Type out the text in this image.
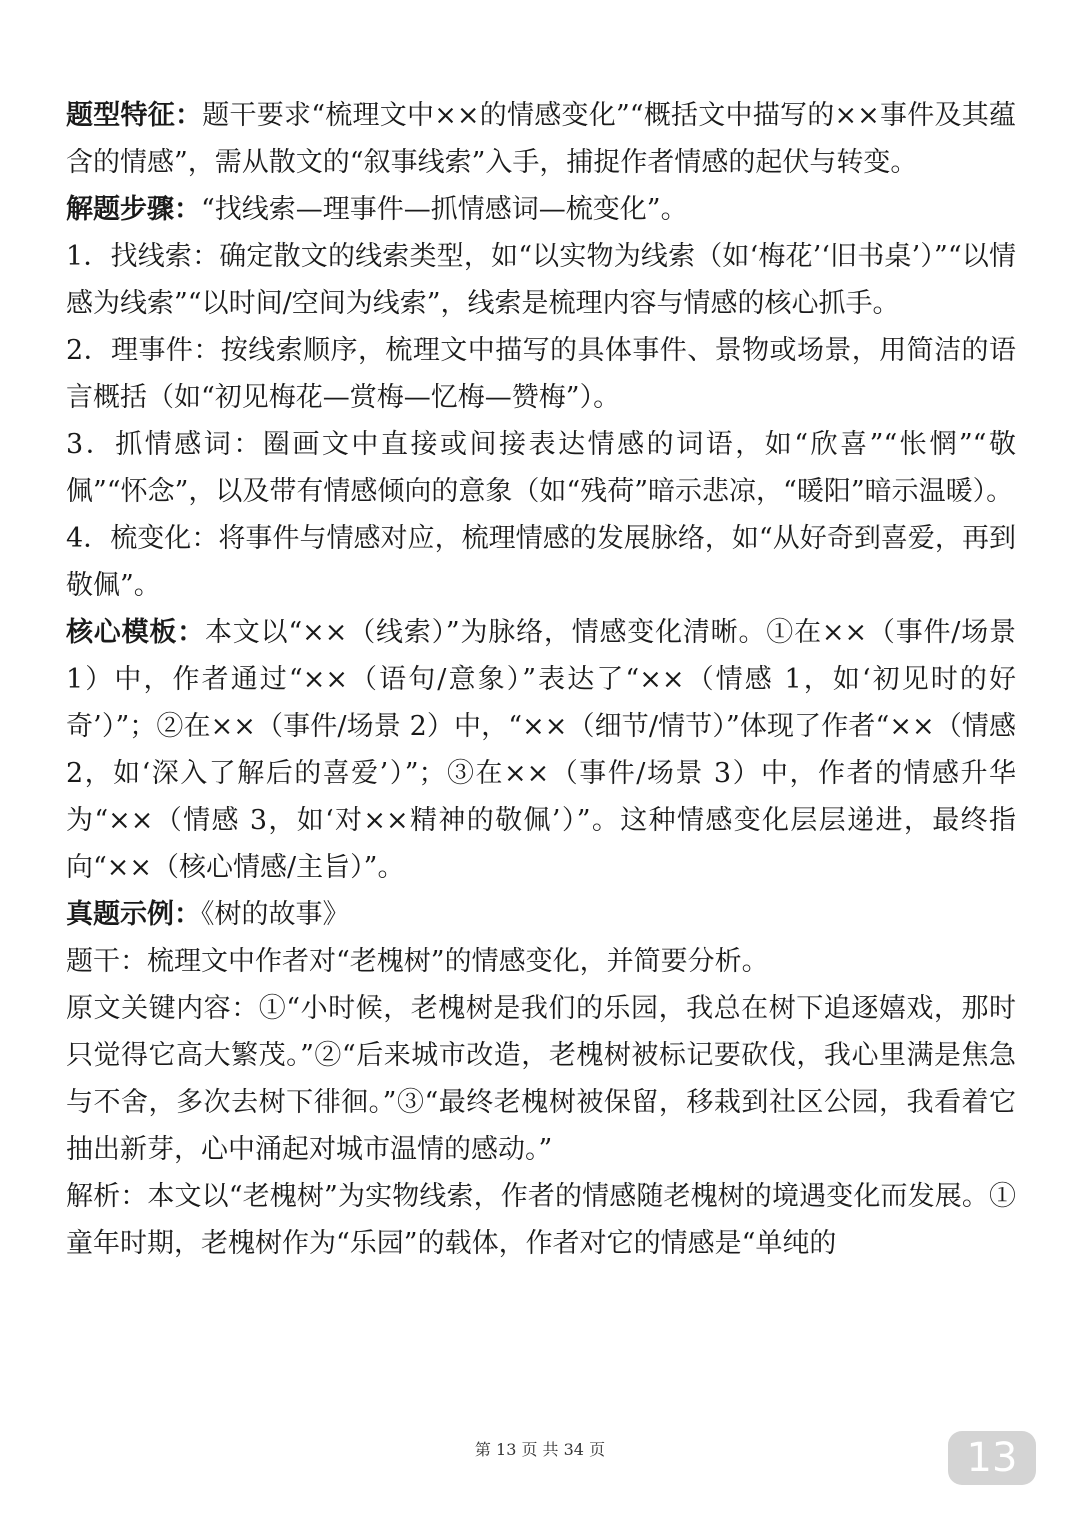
题型特征：题干要求“梳理文中××的情感变化”“概括文中描写的××事件及其蕴含的情感”，需从散文的“叙事线索”入手，捕捉作者情感的起伏与转变。

解题步骤：“找线索—理事件—抓情感词—梳变化”。

1．找线索：确定散文的线索类型，如“以实物为线索（如‘梅花’‘旧书桌’）”“以情感为线索”“以时间/空间为线索”，线索是梳理内容与情感的核心抓手。

2．理事件：按线索顺序，梳理文中描写的具体事件、景物或场景，用简洁的语言概括（如“初见梅花—赏梅—忆梅—赞梅”）。

3．抓情感词：圈画文中直接或间接表达情感的词语，如“欣喜”“怅惘”“敬佩”“怀念”，以及带有情感倾向的意象（如“残荷”暗示悲凉，“暖阳”暗示温暖）。

4．梳变化：将事件与情感对应，梳理情感的发展脉络，如“从好奇到喜爱，再到敬佩”。

核心模板：本文以“××（线索）”为脉络，情感变化清晰。①在××（事件/场景 1）中，作者通过“××（语句/意象）”表达了“××（情感 1，如‘初见时的好奇’）”；②在××（事件/场景 2）中，“××（细节/情节）”体现了作者“××（情感 2，如‘深入了解后的喜爱’）”；③在××（事件/场景 3）中，作者的情感升华为“××（情感 3，如‘对××精神的敬佩’）”。这种情感变化层层递进，最终指向“××（核心情感/主旨）”。

真题示例：《树的故事》

题干：梳理文中作者对“老槐树”的情感变化，并简要分析。

原文关键内容：①“小时候，老槐树是我们的乐园，我总在树下追逐嬉戏，那时只觉得它高大繁茂。”②“后来城市改造，老槐树被标记要砍伐，我心里满是焦急与不舍，多次去树下徘徊。”③“最终老槐树被保留，移栽到社区公园，我看着它抽出新芽，心中涌起对城市温情的感动。”

解析：本文以“老槐树”为实物线索，作者的情感随老槐树的境遇变化而发展。①童年时期，老槐树作为“乐园”的载体，作者对它的情感是“单纯的

第 13 页 共 34 页	13
